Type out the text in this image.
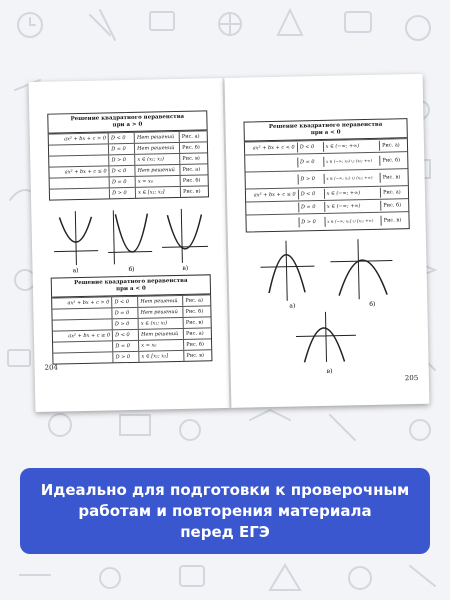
Решение квадратного неравенства
при a > 0
ax² + bx + c > 0 D < 0	Нет решений	Рис. а)
D = 0	Нет решений	Рис. б)
D > 0	x ∈ (x₁; x₂)	Рис. в)
ax² + bx + c ≤ 0 D < 0	Нет решений	Рис. а)
D = 0	x = x₀	Рис. б)
D > 0	x ∈ [x₁; x₂]	Рис. в)
а)	б)	в)
Решение квадратного неравенства
при a < 0
ax² + bx + c > 0 D < 0	Нет решений	Рис. а)
D = 0	Нет решений	Рис. б)
D > 0	x ∈ (x₁; x₂)	Рис. в)
ax² + bx + c ≥ 0 D < 0	Нет решений	Рис. а)
D = 0	x = x₀	Рис. б)
D > 0	x ∈ [x₁; x₂]	Рис. в)
204
Решение квадратного неравенства
при a < 0
ax² + bx + c < 0 D < 0	x ∈ (−∞; +∞)	Рис. а)
D = 0	x ∈ (−∞; x₀) ∪ (x₀; +∞)	Рис. б)
D > 0	x ∈ (−∞; x₁) ∪ (x₂; +∞)	Рис. в)
ax² + bx + c ≤ 0 D < 0	x ∈ (−∞; +∞)	Рис. а)
D = 0	x ∈ (−∞; +∞)	Рис. б)
D > 0	x ∈ (−∞; x₁] ∪ [x₂; +∞)	Рис. в)
а)	б)
в)
205
Идеально для подготовки к проверочным
работам и повторения материала
перед ЕГЭ
